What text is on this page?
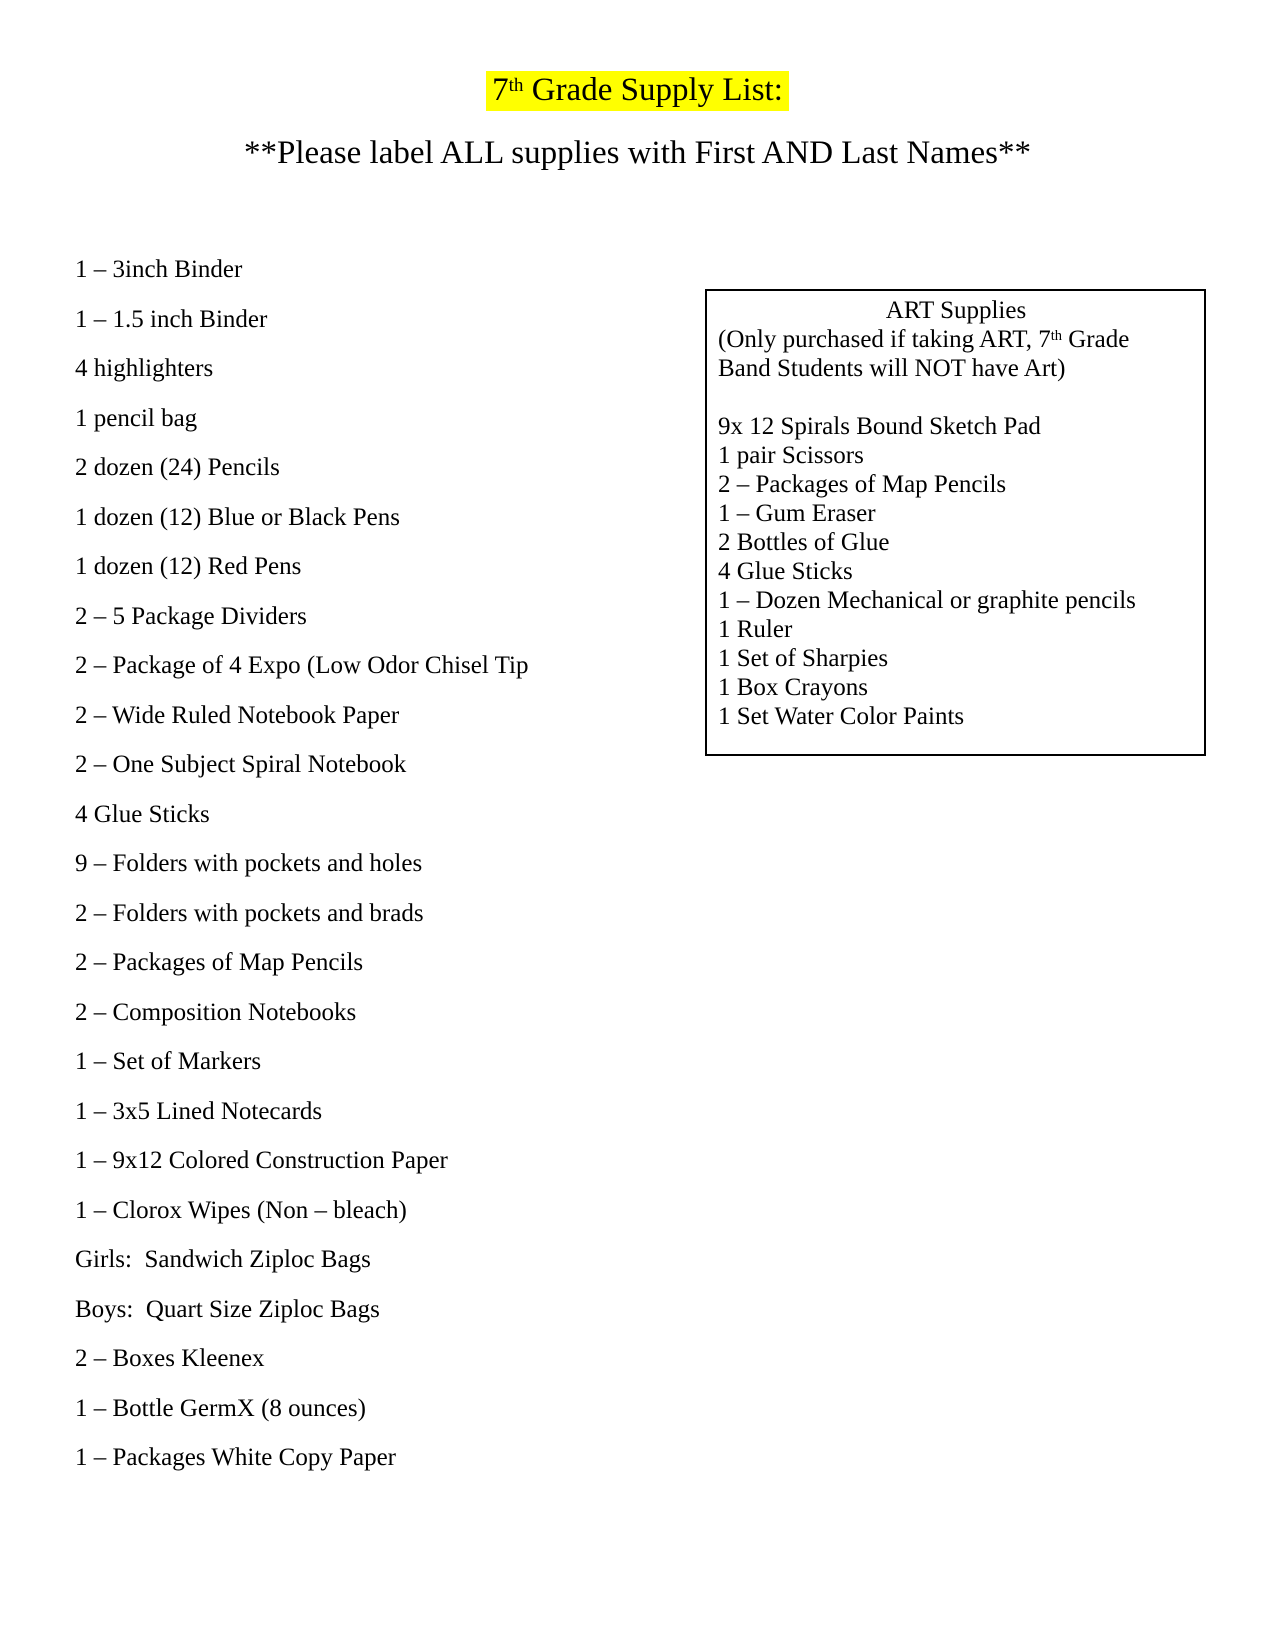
7th Grade Supply List:
**Please label ALL supplies with First AND Last Names**
1 – 3inch Binder
1 – 1.5 inch Binder
4 highlighters
1 pencil bag
2 dozen (24) Pencils
1 dozen (12) Blue or Black Pens
1 dozen (12) Red Pens
2 – 5 Package Dividers
2 – Package of 4 Expo (Low Odor Chisel Tip
2 – Wide Ruled Notebook Paper
2 – One Subject Spiral Notebook
4 Glue Sticks
9 – Folders with pockets and holes
2 – Folders with pockets and brads
2 – Packages of Map Pencils
2 – Composition Notebooks
1 – Set of Markers
1 – 3x5 Lined Notecards
1 – 9x12 Colored Construction Paper
1 – Clorox Wipes (Non – bleach)
Girls:  Sandwich Ziploc Bags
Boys:  Quart Size Ziploc Bags
2 – Boxes Kleenex
1 – Bottle GermX (8 ounces)
1 – Packages White Copy Paper
ART Supplies
(Only purchased if taking ART, 7th Grade
Band Students will NOT have Art)
9x 12 Spirals Bound Sketch Pad
1 pair Scissors
2 – Packages of Map Pencils
1 – Gum Eraser
2 Bottles of Glue
4 Glue Sticks
1 – Dozen Mechanical or graphite pencils
1 Ruler
1 Set of Sharpies
1 Box Crayons
1 Set Water Color Paints
